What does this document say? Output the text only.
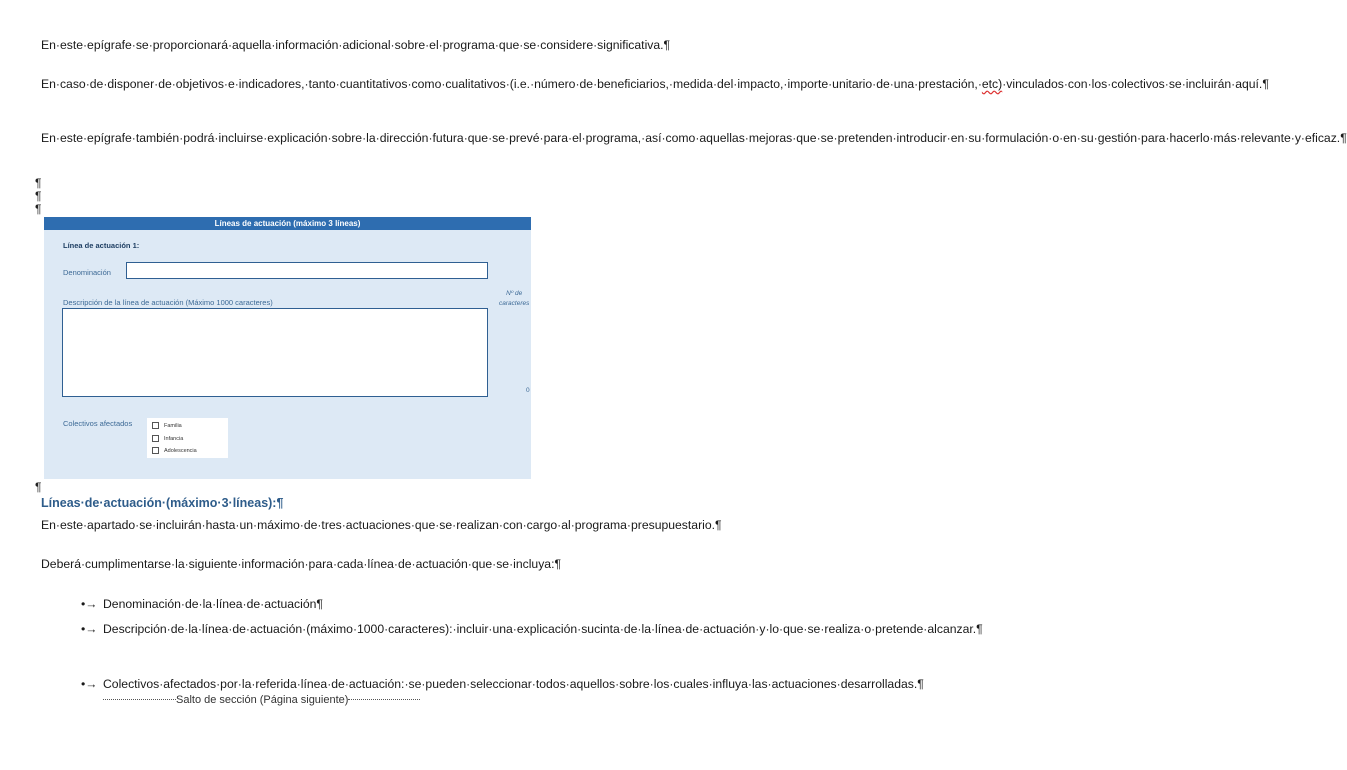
En·este·epígrafe·se·proporcionará·aquella·información·adicional·sobre·el·programa·que·se·considere·significativa.¶
En·caso·de·disponer·de·objetivos·e·indicadores,·tanto·cuantitativos·como·cualitativos·(i.e.·número·de·beneficiarios,·medida·del·impacto,·importe·unitario·de·una·prestación,·etc)·vinculados·con·los·colectivos·se·incluirán·aquí.¶
En·este·epígrafe·también·podrá·incluirse·explicación·sobre·la·dirección·futura·que·se·prevé·para·el·programa,·así·como·aquellas·mejoras·que·se·pretenden·introducir·en·su·formulación·o·en·su·gestión·para·hacerlo·más·relevante·y·eficaz.¶
¶
¶
¶
Líneas de actuación (máximo 3 líneas)
Línea de actuación 1:
Denominación
Descripción de la línea de actuación (Máximo 1000 caracteres)
Nº de
caracteres
0
Colectivos afectados	Familia
Infancia
Adolescencia
¶
Líneas·de·actuación·(máximo·3·líneas):¶
En·este·apartado·se·incluirán·hasta·un·máximo·de·tres·actuaciones·que·se·realizan·con·cargo·al·programa·presupuestario.¶
Deberá·cumplimentarse·la·siguiente·información·para·cada·línea·de·actuación·que·se·incluya:¶
•→ Denominación·de·la·línea·de·actuación¶
•→ Descripción·de·la·línea·de·actuación·(máximo·1000·caracteres):·incluir·una·explicación·sucinta·de·la·línea·de·actuación·y·lo·que·se·realiza·o·pretende·alcanzar.¶
•→ Colectivos·afectados·por·la·referida·línea·de·actuación:·se·pueden·seleccionar·todos·aquellos·sobre·los·cuales·influya·las·actuaciones·desarrolladas.¶Salto de sección (Página siguiente)
